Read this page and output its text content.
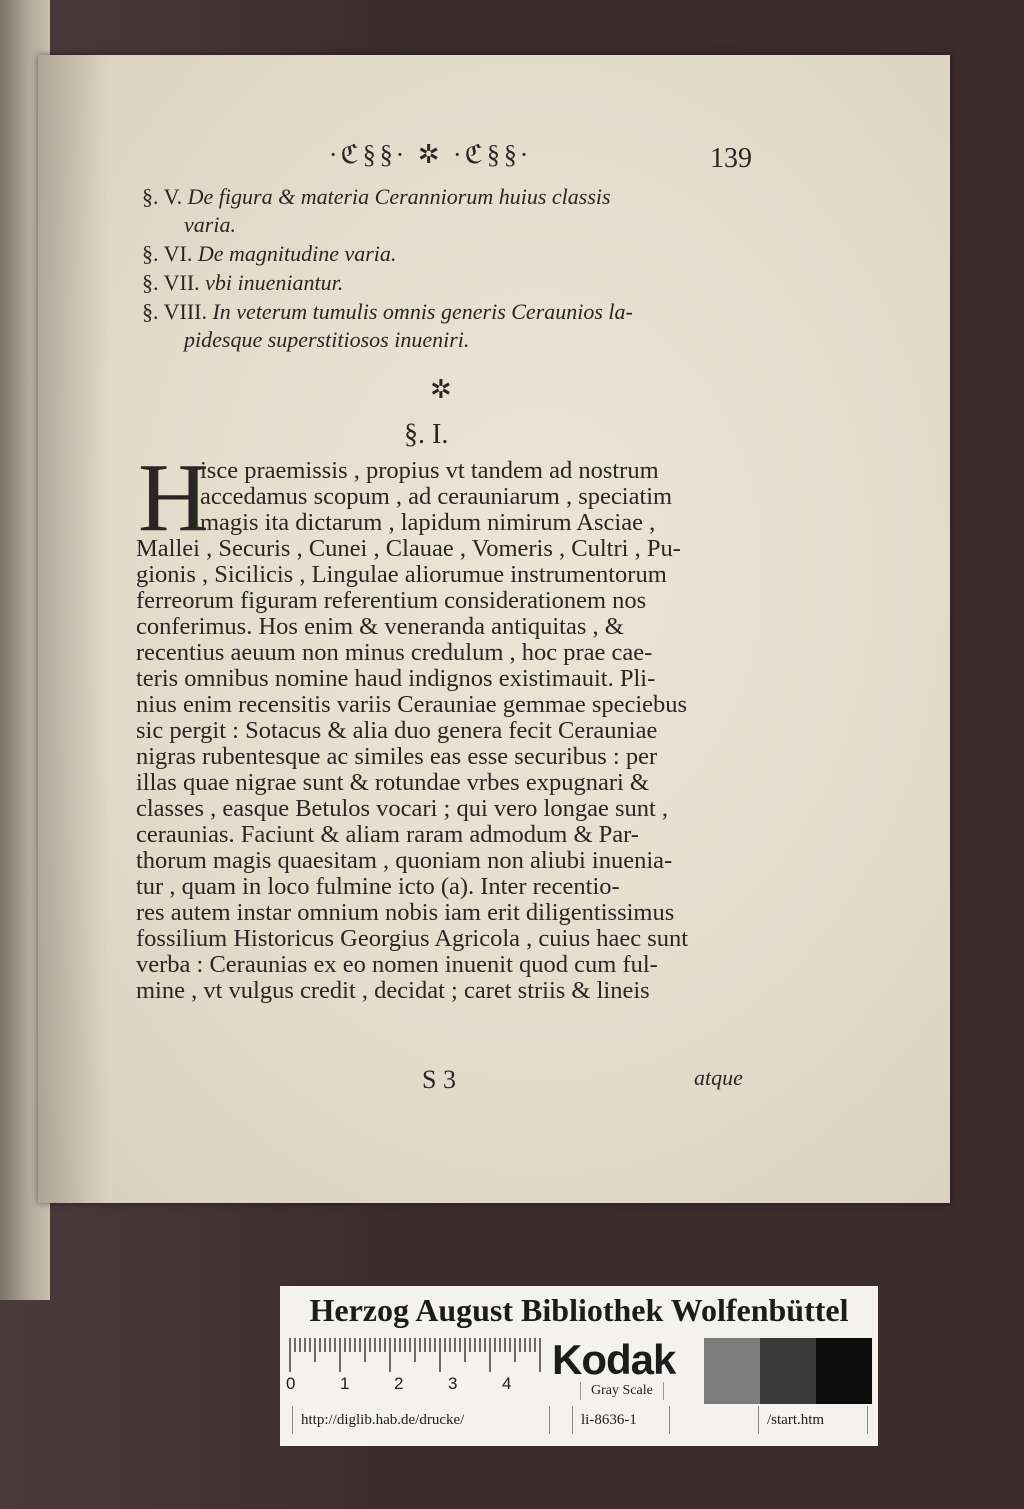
∙ℭ§§∙ ✲ ∙ℭ§§∙	139
§. V. De figura & materia Ceranniorum huius classis
varia.
§. VI. De magnitudine varia.
§. VII. vbi inueniantur.
§. VIII. In veterum tumulis omnis generis Ceraunios la-
pidesque superstitiosos inueniri.
✲
§. I.
H
isce praemissis , propius vt tandem ad nostrum
accedamus scopum , ad cerauniarum , speciatim
magis ita dictarum , lapidum nimirum Asciae ,
Mallei , Securis , Cunei , Clauae , Vomeris , Cultri , Pu-
gionis , Sicilicis , Lingulae aliorumue instrumentorum
ferreorum figuram referentium considerationem nos
conferimus. Hos enim & veneranda antiquitas , &
recentius aeuum non minus credulum , hoc prae cae-
teris omnibus nomine haud indignos existimauit. Pli-
nius enim recensitis variis Cerauniae gemmae speciebus
sic pergit : Sotacus & alia duo genera fecit Cerauniae
nigras rubentesque ac similes eas esse securibus : per
illas quae nigrae sunt & rotundae vrbes expugnari &
classes , easque Betulos vocari ; qui vero longae sunt ,
ceraunias. Faciunt & aliam raram admodum & Par-
thorum magis quaesitam , quoniam non aliubi inuenia-
tur , quam in loco fulmine icto (a). Inter recentio-
res autem instar omnium nobis iam erit diligentissimus
fossilium Historicus Georgius Agricola , cuius haec sunt
verba : Ceraunias ex eo nomen inuenit quod cum ful-
mine , vt vulgus credit , decidat ; caret striis & lineis
S 3	atque
Herzog August Bibliothek Wolfenbüttel
0	1	2	3	4
Kodak
Gray Scale
http://diglib.hab.de/drucke/	li-8636-1	/start.htm
